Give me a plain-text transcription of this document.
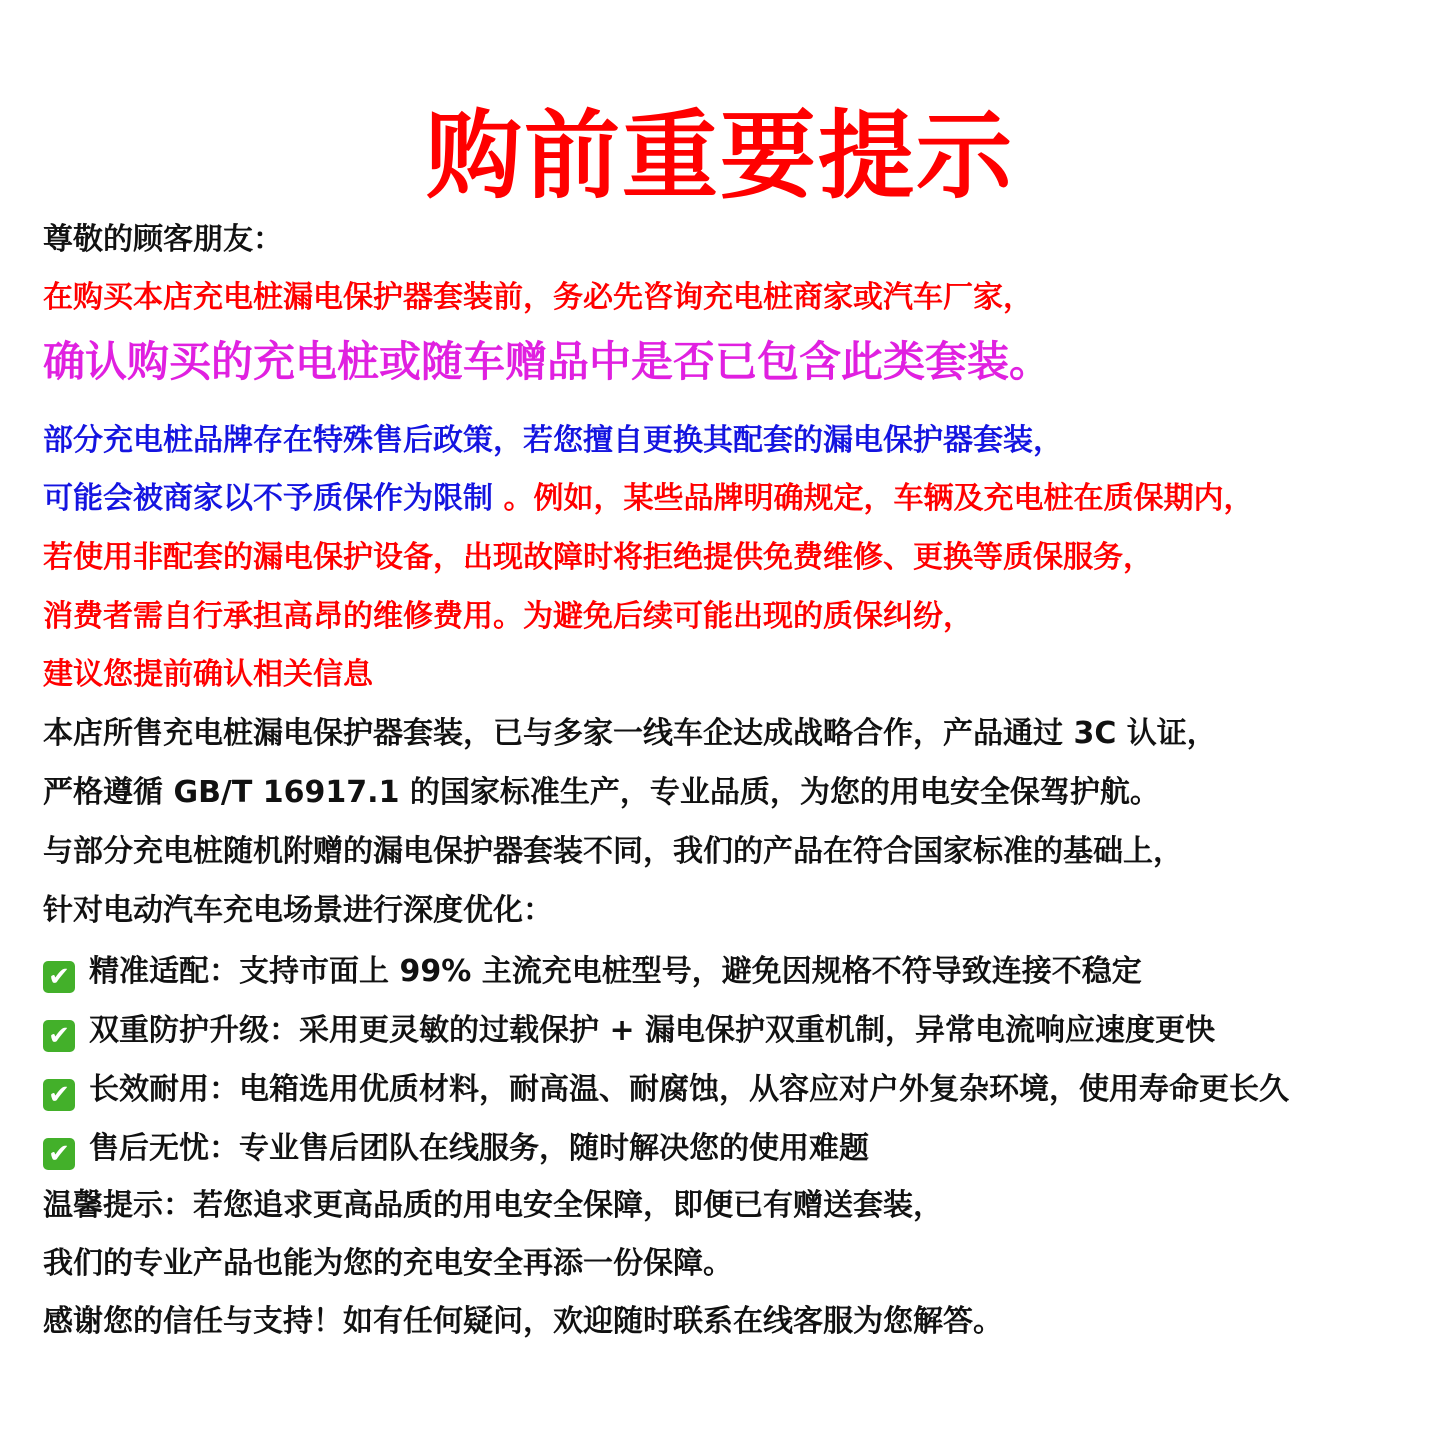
购前重要提示
尊敬的顾客朋友：
在购买本店充电桩漏电保护器套装前，务必先咨询充电桩商家或汽车厂家，
确认购买的充电桩或随车赠品中是否已包含此类套装。
部分充电桩品牌存在特殊售后政策，若您擅自更换其配套的漏电保护器套装，
可能会被商家以不予质保作为限制 。例如，某些品牌明确规定，车辆及充电桩在质保期内，
若使用非配套的漏电保护设备，出现故障时将拒绝提供免费维修、更换等质保服务，
消费者需自行承担高昂的维修费用。为避免后续可能出现的质保纠纷，
建议您提前确认相关信息
本店所售充电桩漏电保护器套装，已与多家一线车企达成战略合作，产品通过 3C 认证，
严格遵循 GB/T 16917.1 的国家标准生产，专业品质，为您的用电安全保驾护航。
与部分充电桩随机附赠的漏电保护器套装不同，我们的产品在符合国家标准的基础上，
针对电动汽车充电场景进行深度优化：
✔ 精准适配：支持市面上 99% 主流充电桩型号，避免因规格不符导致连接不稳定
✔ 双重防护升级：采用更灵敏的过载保护 + 漏电保护双重机制，异常电流响应速度更快
✔ 长效耐用：电箱选用优质材料，耐高温、耐腐蚀，从容应对户外复杂环境，使用寿命更长久
✔ 售后无忧：专业售后团队在线服务，随时解决您的使用难题
温馨提示：若您追求更高品质的用电安全保障，即便已有赠送套装，
我们的专业产品也能为您的充电安全再添一份保障。
感谢您的信任与支持！如有任何疑问，欢迎随时联系在线客服为您解答。
